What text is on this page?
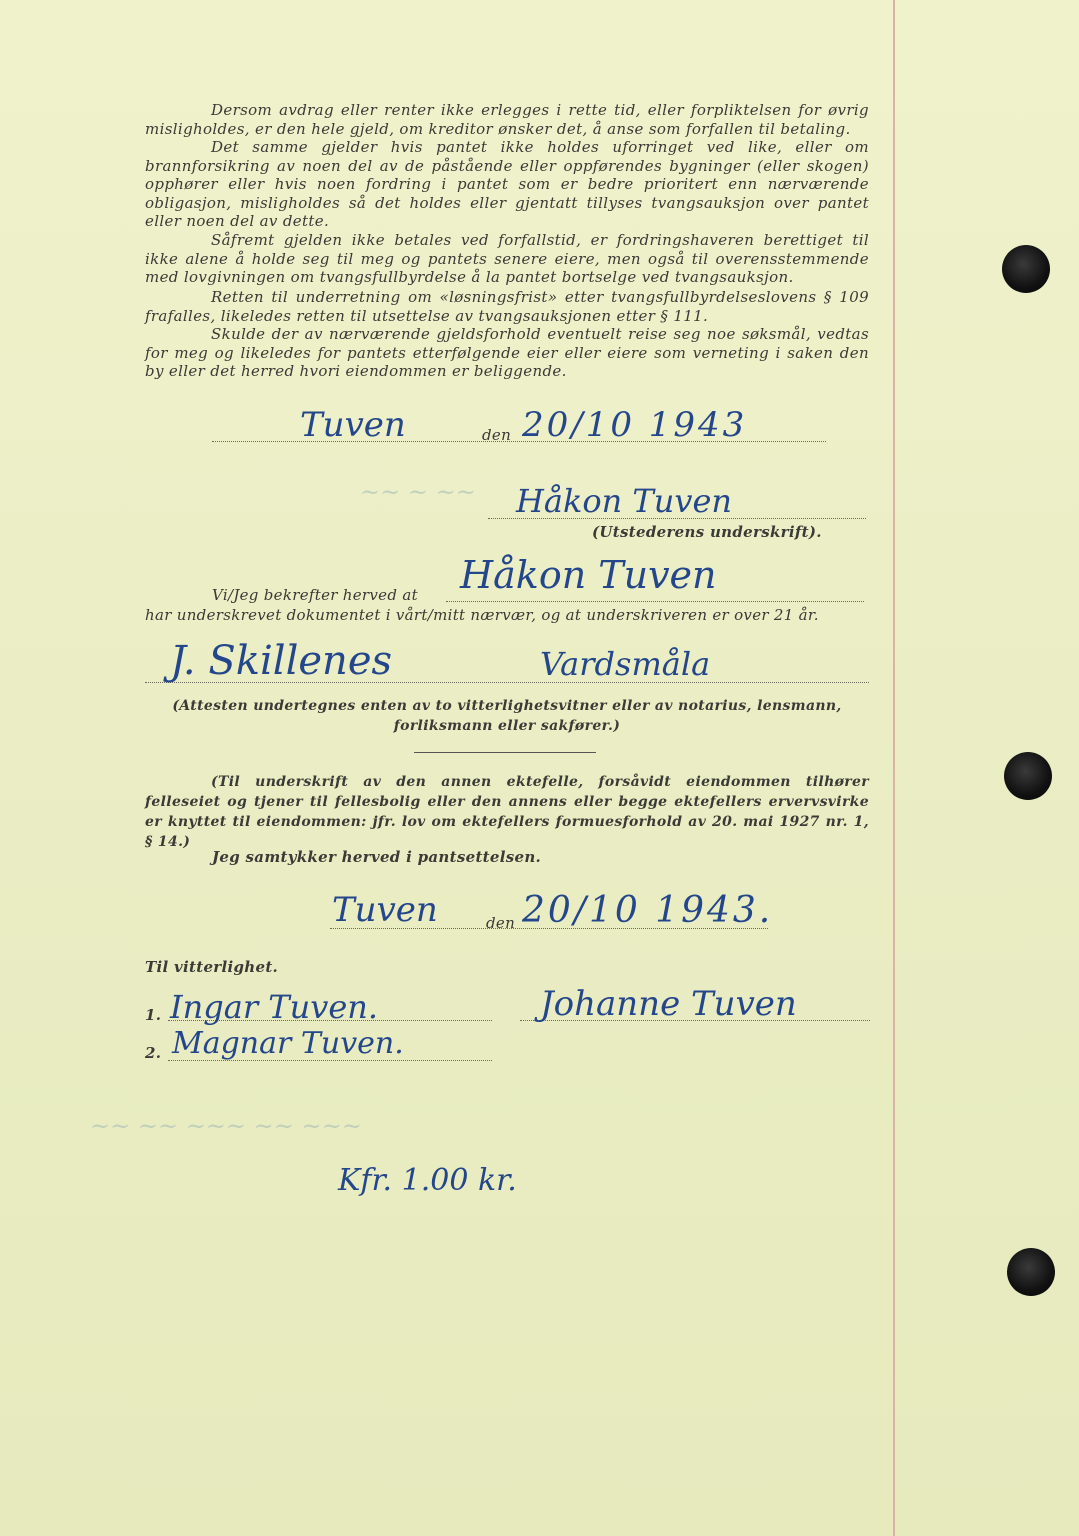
Dersom avdrag eller renter ikke erlegges i rette tid, eller forpliktelsen for øvrig misligholdes, er den hele gjeld, om kreditor ønsker det, å anse som forfallen til betaling.

Det samme gjelder hvis pantet ikke holdes uforringet ved like, eller om brannforsikring av noen del av de påstående eller oppførendes bygninger (eller skogen) opphører eller hvis noen fordring i pantet som er bedre prioritert enn nærværende obligasjon, misligholdes så det holdes eller gjentatt tillyses tvangsauksjon over pantet eller noen del av dette.

Såfremt gjelden ikke betales ved forfallstid, er fordringshaveren berettiget til ikke alene å holde seg til meg og pantets senere eiere, men også til overensstemmende med lovgivningen om tvangsfullbyrdelse å la pantet bortselge ved tvangsauksjon.

Retten til underretning om «løsningsfrist» etter tvangsfullbyrdelseslovens § 109 frafalles, likeledes retten til utsettelse av tvangsauksjonen etter § 111.

Skulde der av nærværende gjeldsforhold eventuelt reise seg noe søksmål, vedtas for meg og likeledes for pantets etterfølgende eier eller eiere som verneting i saken den by eller det herred hvori eiendommen er beliggende.

Tuven	den 20/10 1943
~~ ~ ~~ Håkon Tuven
(Utstederens underskrift).
Vi/Jeg bekrefter herved at Håkon Tuven
har underskrevet dokumentet i vårt/mitt nærvær, og at underskriveren er over 21 år.
J. Skillenes	Vardsmåla

(Attesten undertegnes enten av to vitterlighetsvitner eller av notarius, lensmann, forliksmann eller sakfører.)

(Til underskrift av den annen ektefelle, forsåvidt eiendommen tilhører felleseiet og tjener til fellesbolig eller den annens eller begge ektefellers ervervsvirke er knyttet til eiendommen: jfr. lov om ektefellers formuesforhold av 20. mai 1927 nr. 1, § 14.)

Jeg samtykker herved i pantsettelsen.
Tuven	den 20/10 1943.
Til vitterlighet.
1. Ingar Tuven.	Johanne Tuven
2. Magnar Tuven.
~~ ~~ ~~~ ~~ ~~~
Kfr. 1.00 kr.
